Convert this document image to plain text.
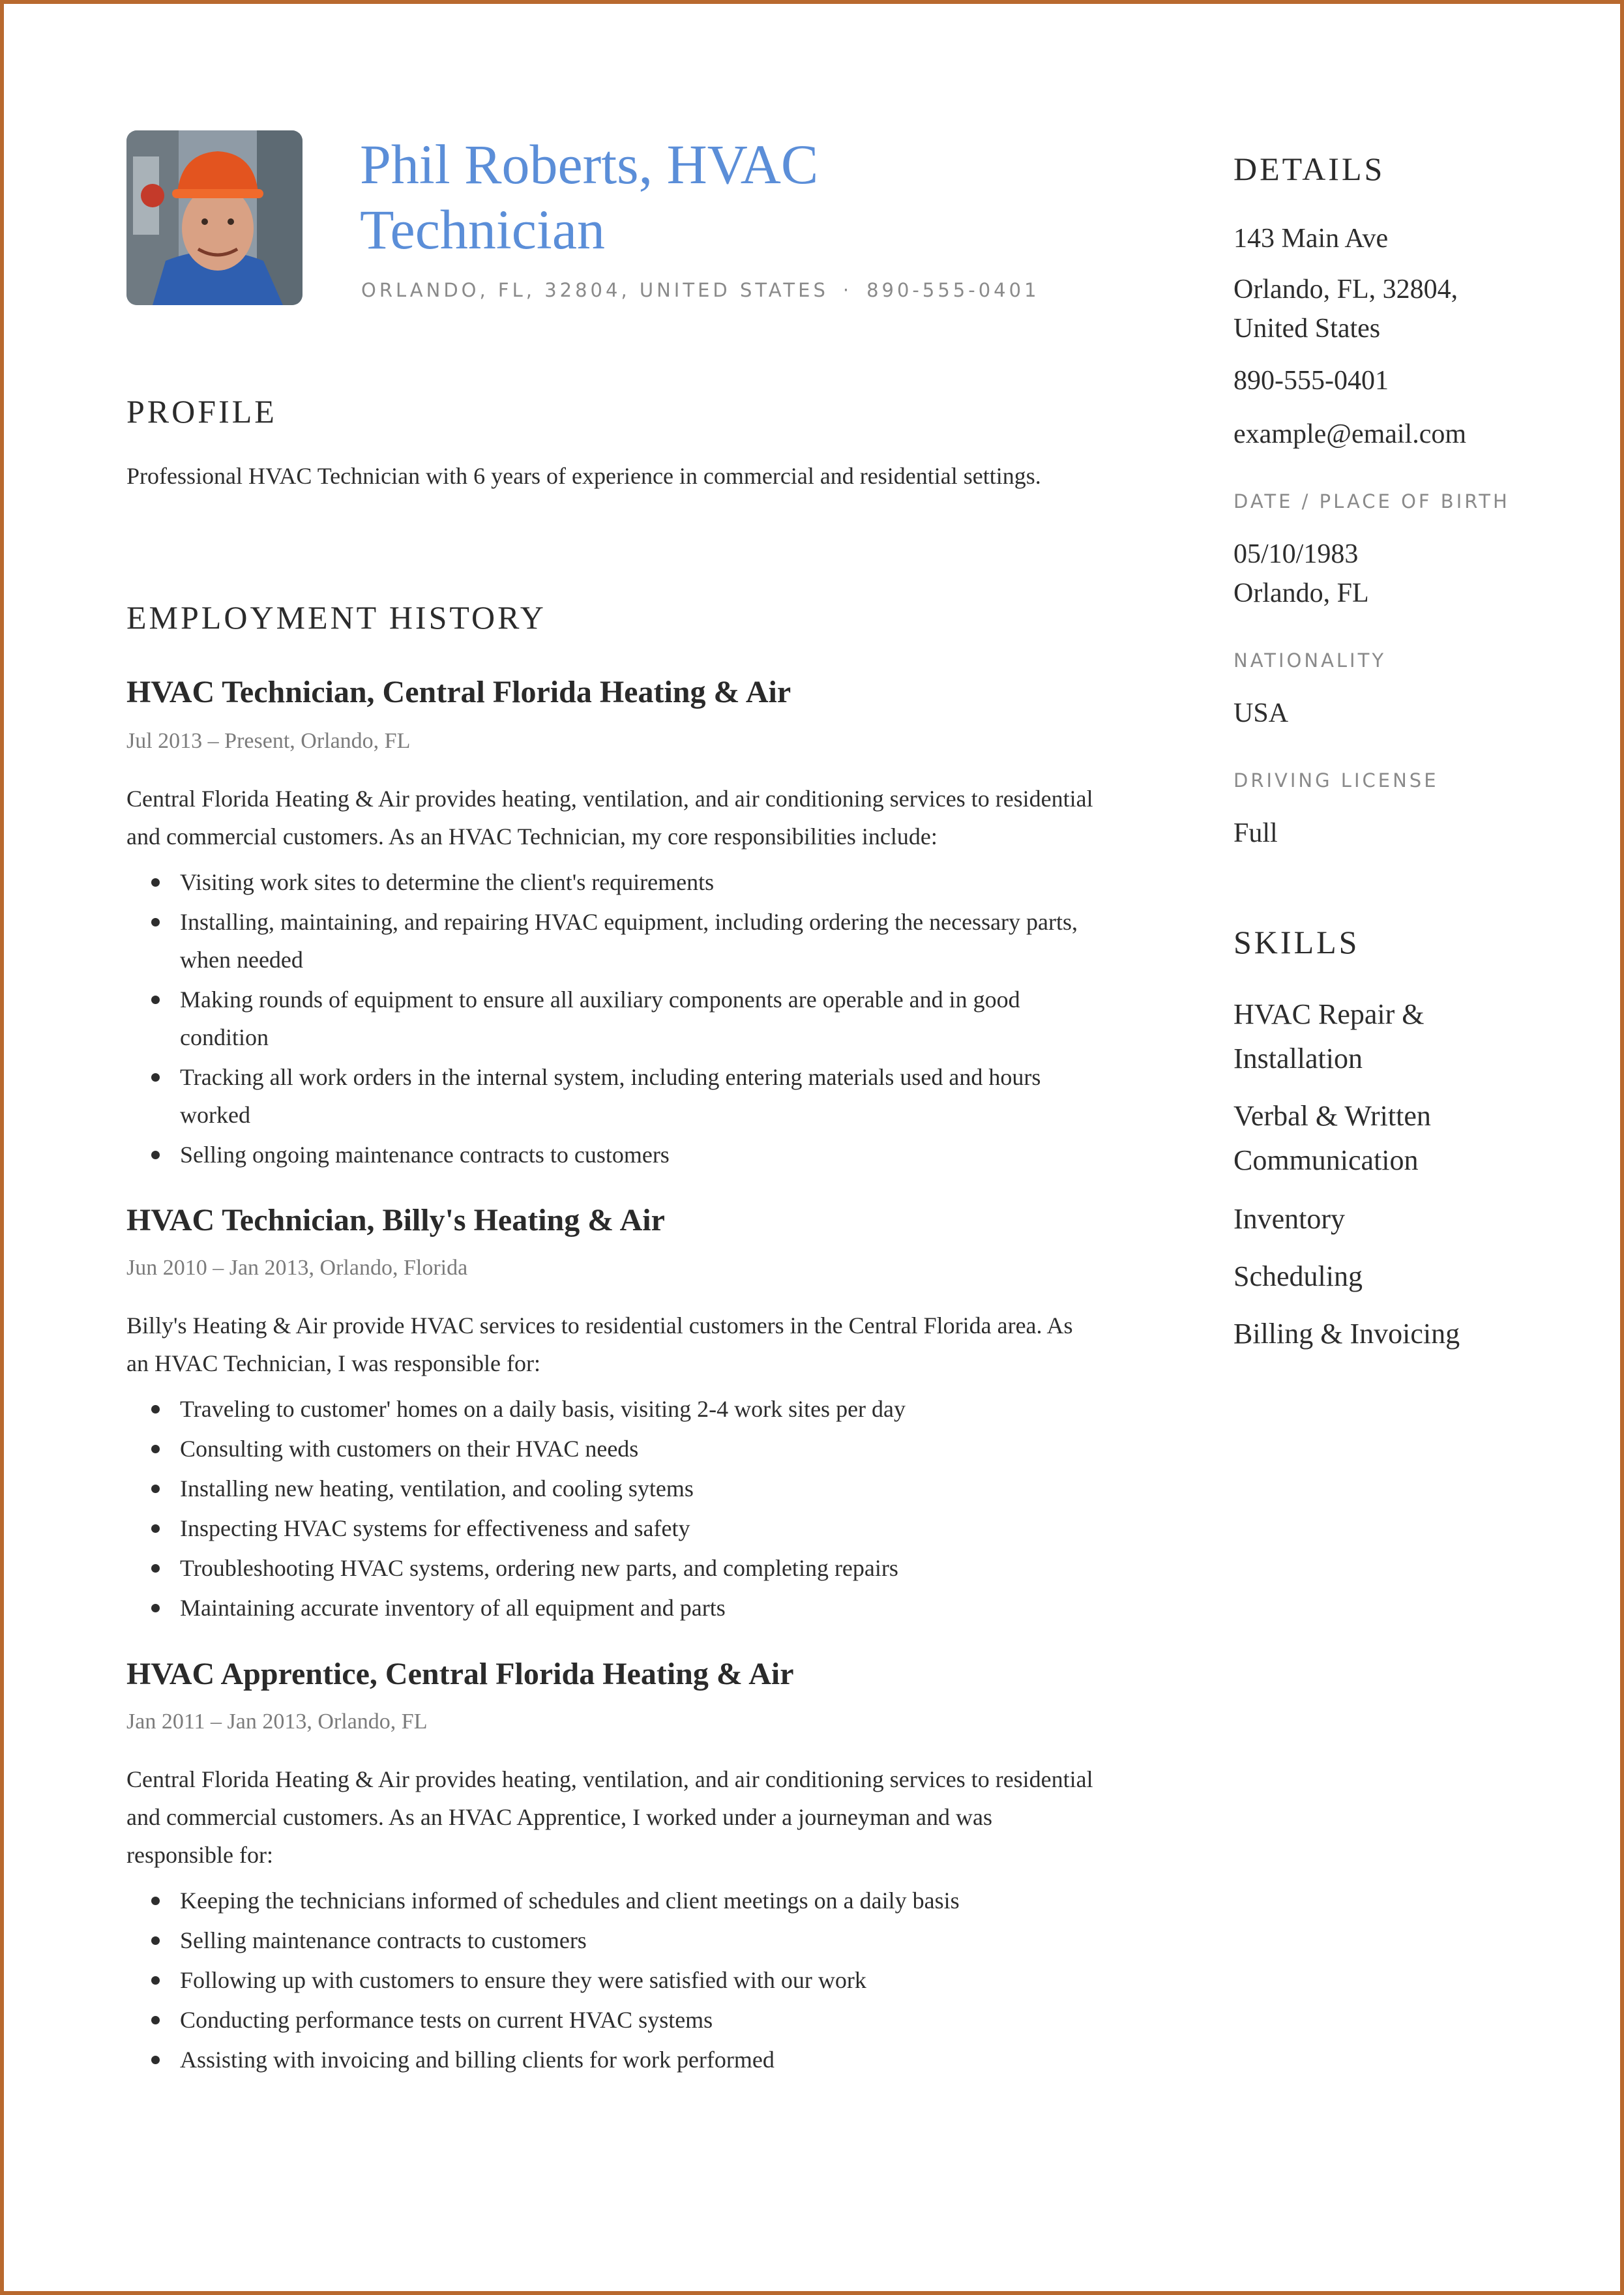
Phil Roberts, HVAC Technician
ORLANDO, FL, 32804, UNITED STATES · 890-555-0401
PROFILE

Professional HVAC Technician with 6 years of experience in commercial and residential settings.

EMPLOYMENT HISTORY
HVAC Technician, Central Florida Heating & Air
Jul 2013 – Present, Orlando, FL

Central Florida Heating & Air provides heating, ventilation, and air conditioning services to residential and commercial customers. As an HVAC Technician, my core responsibilities include:

Visiting work sites to determine the client's requirements
Installing, maintaining, and repairing HVAC equipment, including ordering the necessary parts, when needed
Making rounds of equipment to ensure all auxiliary components are operable and in good condition
Tracking all work orders in the internal system, including entering materials used and hours worked
Selling ongoing maintenance contracts to customers
HVAC Technician, Billy's Heating & Air
Jun 2010 – Jan 2013, Orlando, Florida

Billy's Heating & Air provide HVAC services to residential customers in the Central Florida area. As an HVAC Technician, I was responsible for:

Traveling to customer' homes on a daily basis, visiting 2-4 work sites per day
Consulting with customers on their HVAC needs
Installing new heating, ventilation, and cooling sytems
Inspecting HVAC systems for effectiveness and safety
Troubleshooting HVAC systems, ordering new parts, and completing repairs
Maintaining accurate inventory of all equipment and parts
HVAC Apprentice, Central Florida Heating & Air
Jan 2011 – Jan 2013, Orlando, FL

Central Florida Heating & Air provides heating, ventilation, and air conditioning services to residential and commercial customers. As an HVAC Apprentice, I worked under a journeyman and was responsible for:

Keeping the technicians informed of schedules and client meetings on a daily basis
Selling maintenance contracts to customers
Following up with customers to ensure they were satisfied with our work
Conducting performance tests on current HVAC systems
Assisting with invoicing and billing clients for work performed
DETAILS
143 Main Ave
Orlando, FL, 32804, United States
890-555-0401
example@email.com
DATE / PLACE OF BIRTH
05/10/1983
Orlando, FL
NATIONALITY
USA
DRIVING LICENSE
Full
SKILLS
HVAC Repair & Installation
Verbal & Written Communication
Inventory
Scheduling
Billing & Invoicing
